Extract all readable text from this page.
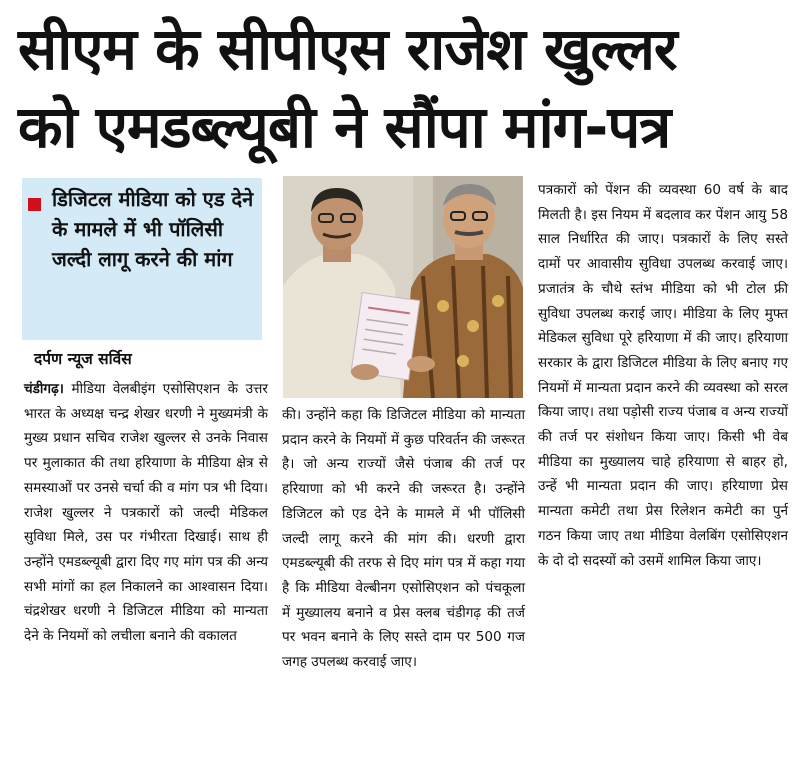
सीएम के सीपीएस राजेश खुल्लर
को एमडब्ल्यूबी ने सौंपा मांग-पत्र
डिजिटल मीडिया को एड देने के मामले में भी पॉलिसी जल्दी लागू करने की मांग
दर्पण न्यूज सर्विस
चंडीगढ़। मीडिया वेलबीइंग एसोसिएशन के उत्तर भारत के अध्यक्ष चन्द्र शेखर धरणी ने मुख्यमंत्री के मुख्य प्रधान सचिव राजेश खुल्लर से उनके निवास पर मुलाकात की तथा हरियाणा के मीडिया क्षेत्र से समस्याओं पर उनसे चर्चा की व मांग पत्र भी दिया। राजेश खुल्लर ने पत्रकारों को जल्दी मेडिकल सुविधा मिले, उस पर गंभीरता दिखाई। साथ ही उन्होंने एमडब्ल्यूबी द्वारा दिए गए मांग पत्र की अन्य सभी मांगों का हल निकालने का आश्वासन दिया। चंद्रशेखर धरणी ने डिजिटल मीडिया को मान्यता देने के नियमों को लचीला बनाने की वकालत
की। उन्होंने कहा कि डिजिटल मीडिया को मान्यता प्रदान करने के नियमों में कुछ परिवर्तन की जरूरत है। जो अन्य राज्यों जैसे पंजाब की तर्ज पर हरियाणा को भी करने की जरूरत है। उन्होंने डिजिटल को एड देने के मामले में भी पॉलिसी जल्दी लागू करने की मांग की। धरणी द्वारा एमडब्ल्यूबी की तरफ से दिए मांग पत्र में कहा गया है कि मीडिया वेल्बीनग एसोसिएशन को पंचकूला में मुख्यालय बनाने व प्रेस क्लब चंडीगढ़ की तर्ज पर भवन बनाने के लिए सस्ते दाम पर 500 गज जगह उपलब्ध करवाई जाए।
पत्रकारों को पेंशन की व्यवस्था 60 वर्ष के बाद मिलती है। इस नियम में बदलाव कर पेंशन आयु 58 साल निर्धारित की जाए। पत्रकारों के लिए सस्ते दामों पर आवासीय सुविधा उपलब्ध करवाई जाए। प्रजातंत्र के चौथे स्तंभ मीडिया को भी टोल फ्री सुविधा उपलब्ध कराई जाए। मीडिया के लिए मुफ्त मेडिकल सुविधा पूरे हरियाणा में की जाए। हरियाणा सरकार के द्वारा डिजिटल मीडिया के लिए बनाए गए नियमों में मान्यता प्रदान करने की व्यवस्था को सरल किया जाए। तथा पड़ोसी राज्य पंजाब व अन्य राज्यों की तर्ज पर संशोधन किया जाए। किसी भी वेब मीडिया का मुख्यालय चाहे हरियाणा से बाहर हो, उन्हें भी मान्यता प्रदान की जाए। हरियाणा प्रेस मान्यता कमेटी तथा प्रेस रिलेशन कमेटी का पुर्न गठन किया जाए तथा मीडिया वेलबिंग एसोसिएशन के दो दो सदस्यों को उसमें शामिल किया जाए।
